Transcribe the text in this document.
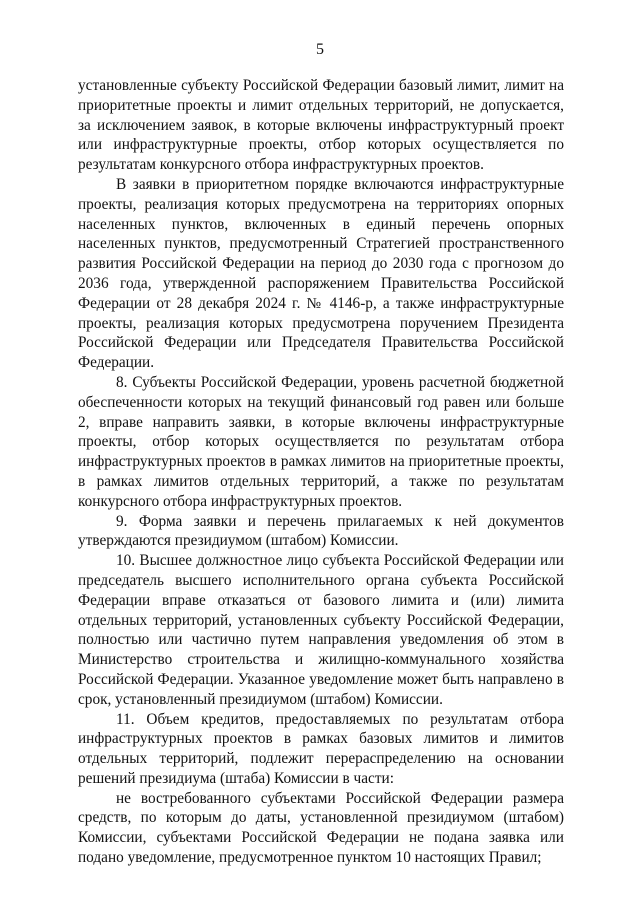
5

установленные субъекту Российской Федерации базовый лимит, лимит на приоритетные проекты и лимит отдельных территорий, не допускается, за исключением заявок, в которые включены инфраструктурный проект или инфраструктурные проекты, отбор которых осуществляется по результатам конкурсного отбора инфраструктурных проектов.

В заявки в приоритетном порядке включаются инфраструктурные проекты, реализация которых предусмотрена на территориях опорных населенных пунктов, включенных в единый перечень опорных населенных пунктов, предусмотренный Стратегией пространственного развития Российской Федерации на период до 2030 года с прогнозом до 2036 года, утвержденной распоряжением Правительства Российской Федерации от 28 декабря 2024 г. № 4146-р, а также инфраструктурные проекты, реализация которых предусмотрена поручением Президента Российской Федерации или Председателя Правительства Российской Федерации.

8. Субъекты Российской Федерации, уровень расчетной бюджетной обеспеченности которых на текущий финансовый год равен или больше 2, вправе направить заявки, в которые включены инфраструктурные проекты, отбор которых осуществляется по результатам отбора инфраструктурных проектов в рамках лимитов на приоритетные проекты, в рамках лимитов отдельных территорий, а также по результатам конкурсного отбора инфраструктурных проектов.

9. Форма заявки и перечень прилагаемых к ней документов утверждаются президиумом (штабом) Комиссии.

10. Высшее должностное лицо субъекта Российской Федерации или председатель высшего исполнительного органа субъекта Российской Федерации вправе отказаться от базового лимита и (или) лимита отдельных территорий, установленных субъекту Российской Федерации, полностью или частично путем направления уведомления об этом в Министерство строительства и жилищно-коммунального хозяйства Российской Федерации. Указанное уведомление может быть направлено в срок, установленный президиумом (штабом) Комиссии.

11. Объем кредитов, предоставляемых по результатам отбора инфраструктурных проектов в рамках базовых лимитов и лимитов отдельных территорий, подлежит перераспределению на основании решений президиума (штаба) Комиссии в части:

не востребованного субъектами Российской Федерации размера средств, по которым до даты, установленной президиумом (штабом) Комиссии, субъектами Российской Федерации не подана заявка или подано уведомление, предусмотренное пунктом 10 настоящих Правил;
